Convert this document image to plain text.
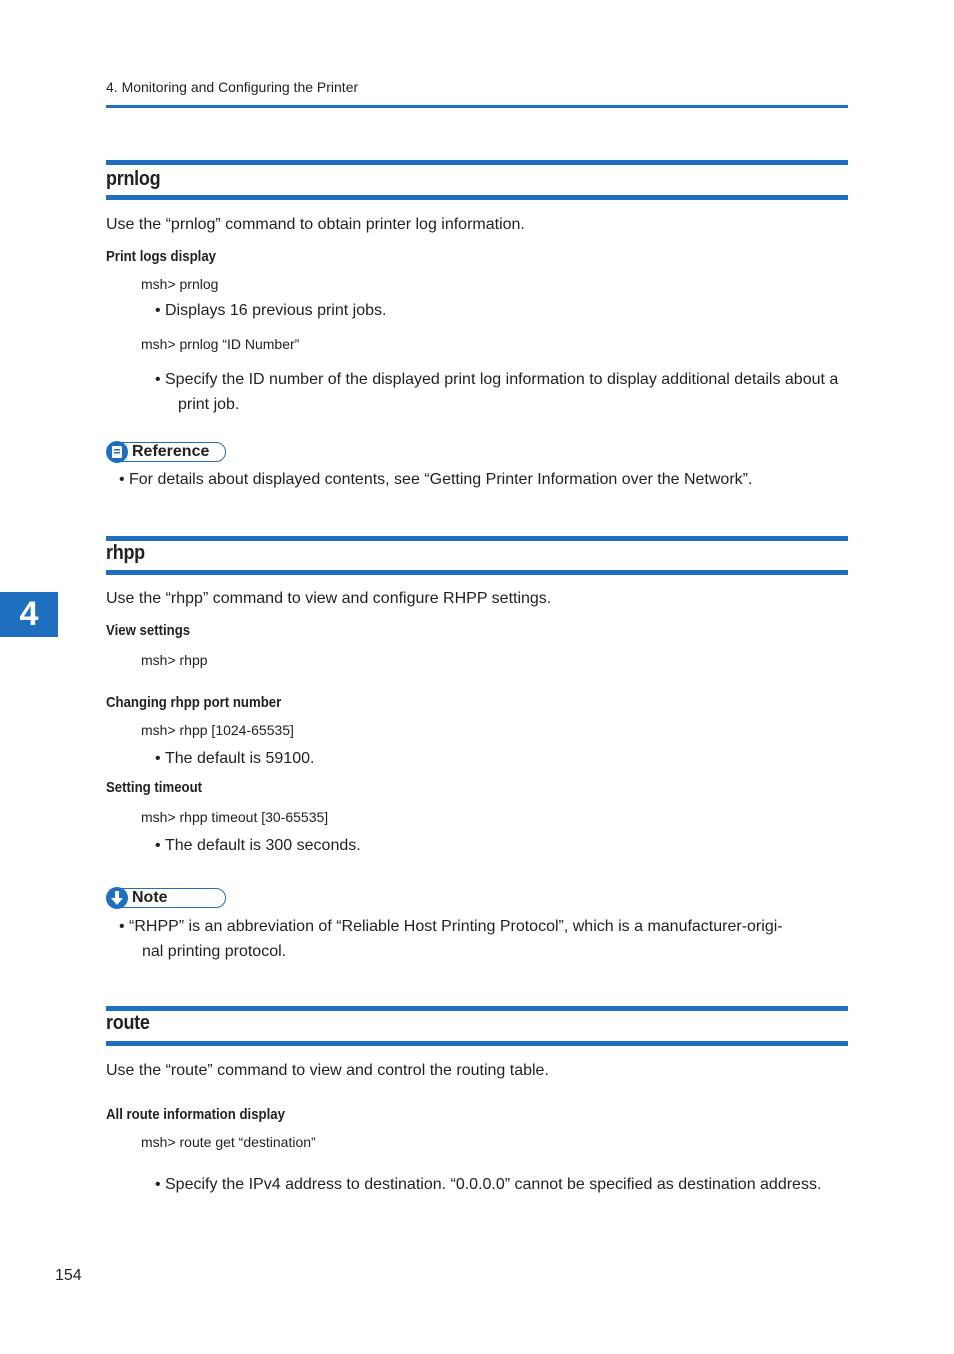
4. Monitoring and Configuring the Printer
4
prnlog
Use the “prnlog” command to obtain printer log information.
Print logs display
msh> prnlog
• Displays 16 previous print jobs.
msh> prnlog “ID Number”
• Specify the ID number of the displayed print log information to display additional details about a
print job.
Reference
• For details about displayed contents, see “Getting Printer Information over the Network”.
rhpp
Use the “rhpp” command to view and configure RHPP settings.
View settings
msh> rhpp
Changing rhpp port number
msh> rhpp [1024-65535]
• The default is 59100.
Setting timeout
msh> rhpp timeout [30-65535]
• The default is 300 seconds.
Note
• “RHPP” is an abbreviation of “Reliable Host Printing Protocol”, which is a manufacturer-origi-
nal printing protocol.
route
Use the “route” command to view and control the routing table.
All route information display
msh> route get “destination”
• Specify the IPv4 address to destination. “0.0.0.0” cannot be specified as destination address.
154
